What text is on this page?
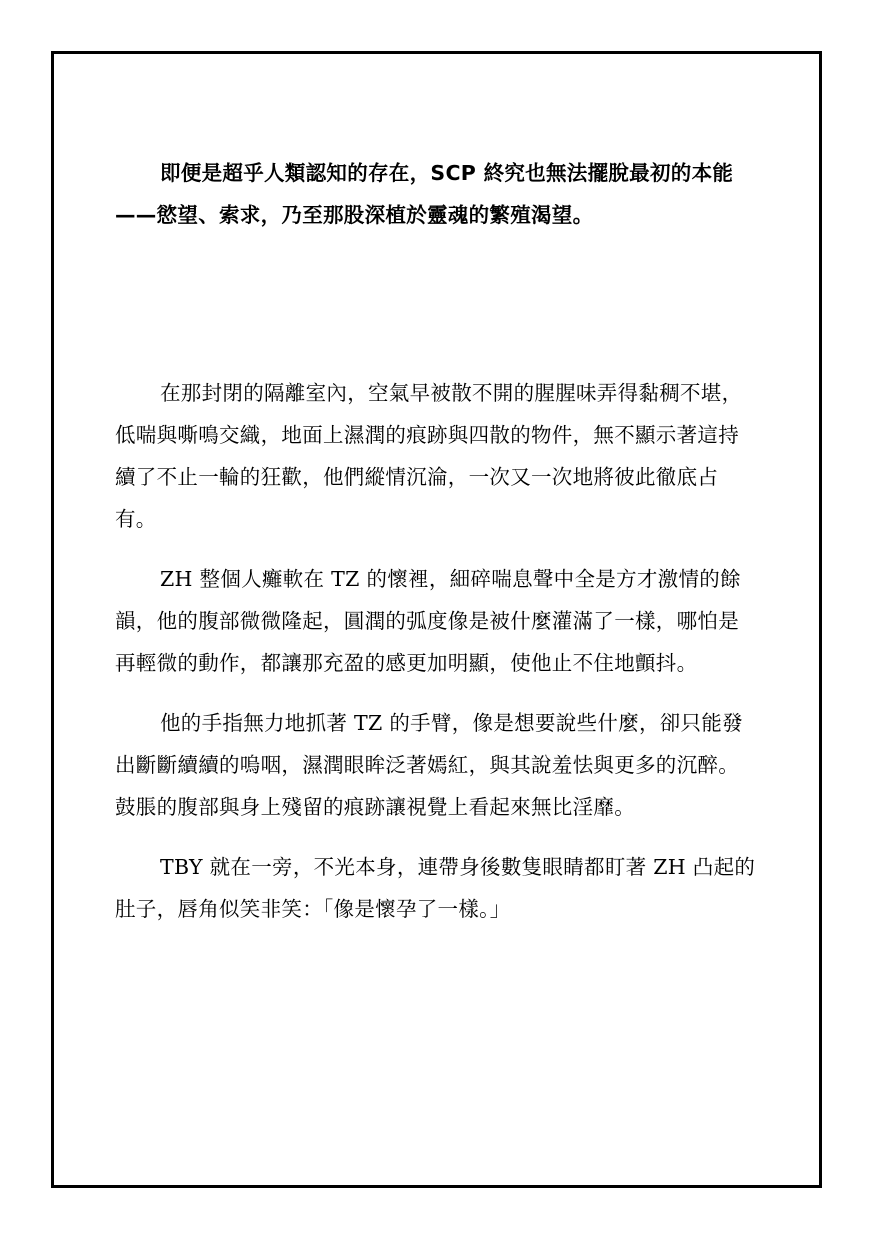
即便是超乎人類認知的存在，SCP 終究也無法擺脫最初的本能——慾望、索求，乃至那股深植於靈魂的繁殖渴望。

在那封閉的隔離室內，空氣早被散不開的腥腥味弄得黏稠不堪，低喘與嘶鳴交織，地面上濕潤的痕跡與四散的物件，無不顯示著這持續了不止一輪的狂歡，他們縱情沉淪，一次又一次地將彼此徹底占有。

ZH 整個人癱軟在 TZ 的懷裡，細碎喘息聲中全是方才激情的餘韻，他的腹部微微隆起，圓潤的弧度像是被什麼灌滿了一樣，哪怕是再輕微的動作，都讓那充盈的感更加明顯，使他止不住地顫抖。

他的手指無力地抓著 TZ 的手臂，像是想要說些什麼，卻只能發出斷斷續續的嗚咽，濕潤眼眸泛著嫣紅，與其說羞怯與更多的沉醉。鼓脹的腹部與身上殘留的痕跡讓視覺上看起來無比淫靡。

TBY 就在一旁，不光本身，連帶身後數隻眼睛都盯著 ZH 凸起的肚子，唇角似笑非笑：「像是懷孕了一樣。」
